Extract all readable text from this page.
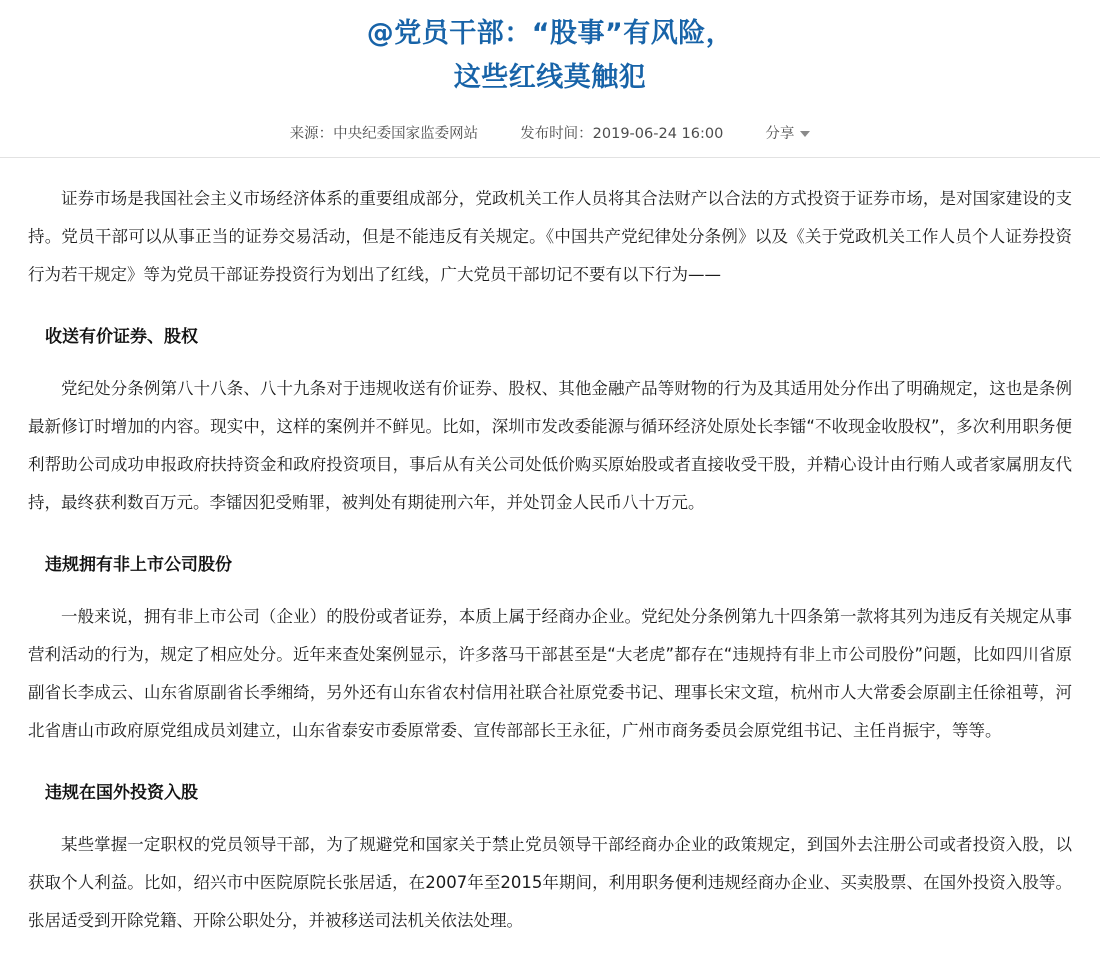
@党员干部：“股事”有风险，
这些红线莫触犯
来源：中央纪委国家监委网站	发布时间：2019-06-24 16:00	分享

证券市场是我国社会主义市场经济体系的重要组成部分，党政机关工作人员将其合法财产以合法的方式投资于证券市场，是对国家建设的支持。党员干部可以从事正当的证券交易活动，但是不能违反有关规定。《中国共产党纪律处分条例》以及《关于党政机关工作人员个人证券投资行为若干规定》等为党员干部证券投资行为划出了红线，广大党员干部切记不要有以下行为——

收送有价证券、股权

党纪处分条例第八十八条、八十九条对于违规收送有价证券、股权、其他金融产品等财物的行为及其适用处分作出了明确规定，这也是条例最新修订时增加的内容。现实中，这样的案例并不鲜见。比如，深圳市发改委能源与循环经济处原处长李镭“不收现金收股权”，多次利用职务便利帮助公司成功申报政府扶持资金和政府投资项目，事后从有关公司处低价购买原始股或者直接收受干股，并精心设计由行贿人或者家属朋友代持，最终获利数百万元。李镭因犯受贿罪，被判处有期徒刑六年，并处罚金人民币八十万元。

违规拥有非上市公司股份

一般来说，拥有非上市公司（企业）的股份或者证券，本质上属于经商办企业。党纪处分条例第九十四条第一款将其列为违反有关规定从事营利活动的行为，规定了相应处分。近年来查处案例显示，许多落马干部甚至是“大老虎”都存在“违规持有非上市公司股份”问题，比如四川省原副省长李成云、山东省原副省长季缃绮，另外还有山东省农村信用社联合社原党委书记、理事长宋文瑄，杭州市人大常委会原副主任徐祖萼，河北省唐山市政府原党组成员刘建立，山东省泰安市委原常委、宣传部部长王永征，广州市商务委员会原党组书记、主任肖振宇，等等。

违规在国外投资入股

某些掌握一定职权的党员领导干部，为了规避党和国家关于禁止党员领导干部经商办企业的政策规定，到国外去注册公司或者投资入股，以获取个人利益。比如，绍兴市中医院原院长张居适，在2007年至2015年期间，利用职务便利违规经商办企业、买卖股票、在国外投资入股等。张居适受到开除党籍、开除公职处分，并被移送司法机关依法处理。
